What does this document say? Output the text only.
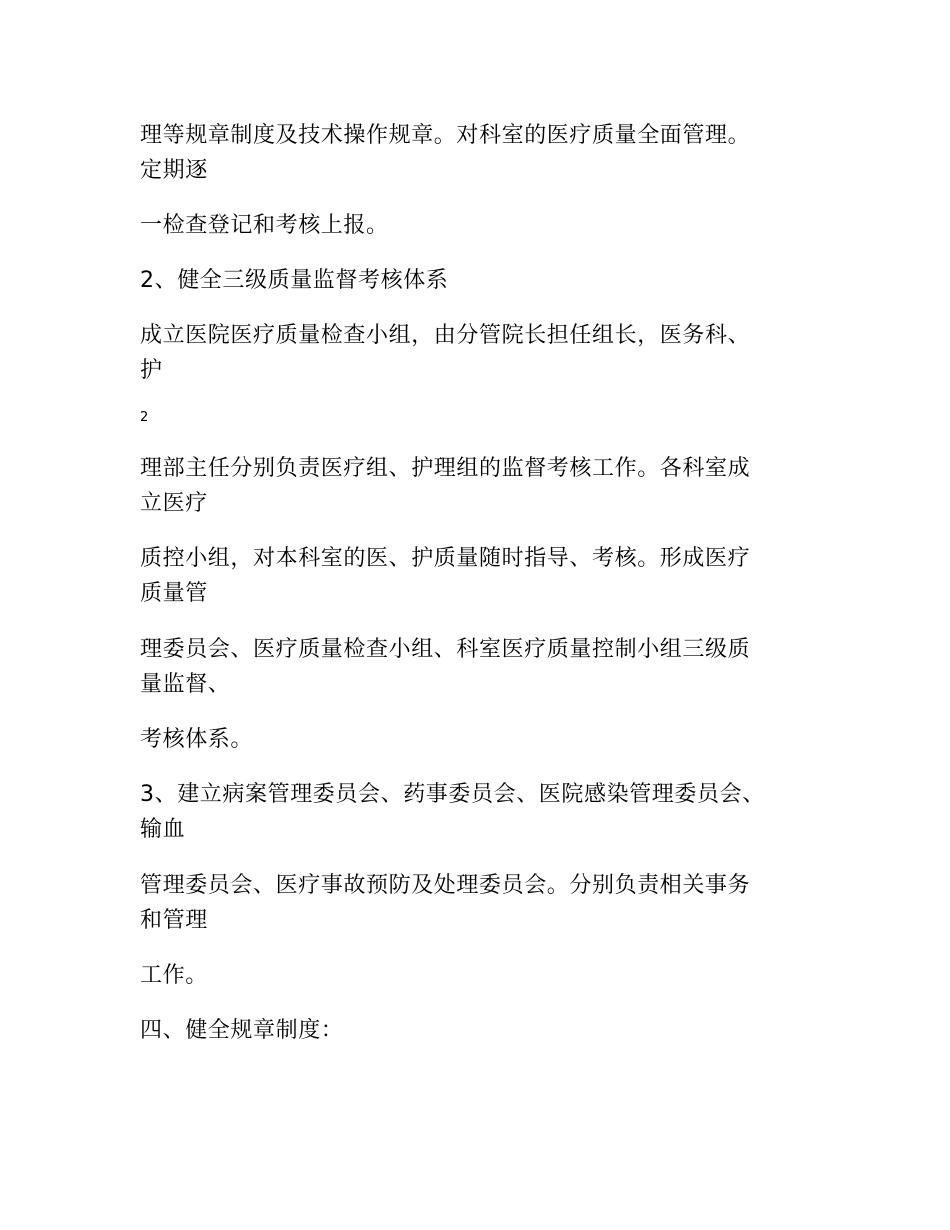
理等规章制度及技术操作规章。对科室的医疗质量全面管理。
定期逐
一检查登记和考核上报。
2、健全三级质量监督考核体系
成立医院医疗质量检查小组，由分管院长担任组长，医务科、
护
2
理部主任分别负责医疗组、护理组的监督考核工作。各科室成
立医疗
质控小组，对本科室的医、护质量随时指导、考核。形成医疗
质量管
理委员会、医疗质量检查小组、科室医疗质量控制小组三级质
量监督、
考核体系。
3、建立病案管理委员会、药事委员会、医院感染管理委员会、
输血
管理委员会、医疗事故预防及处理委员会。分别负责相关事务
和管理
工作。
四、健全规章制度：
